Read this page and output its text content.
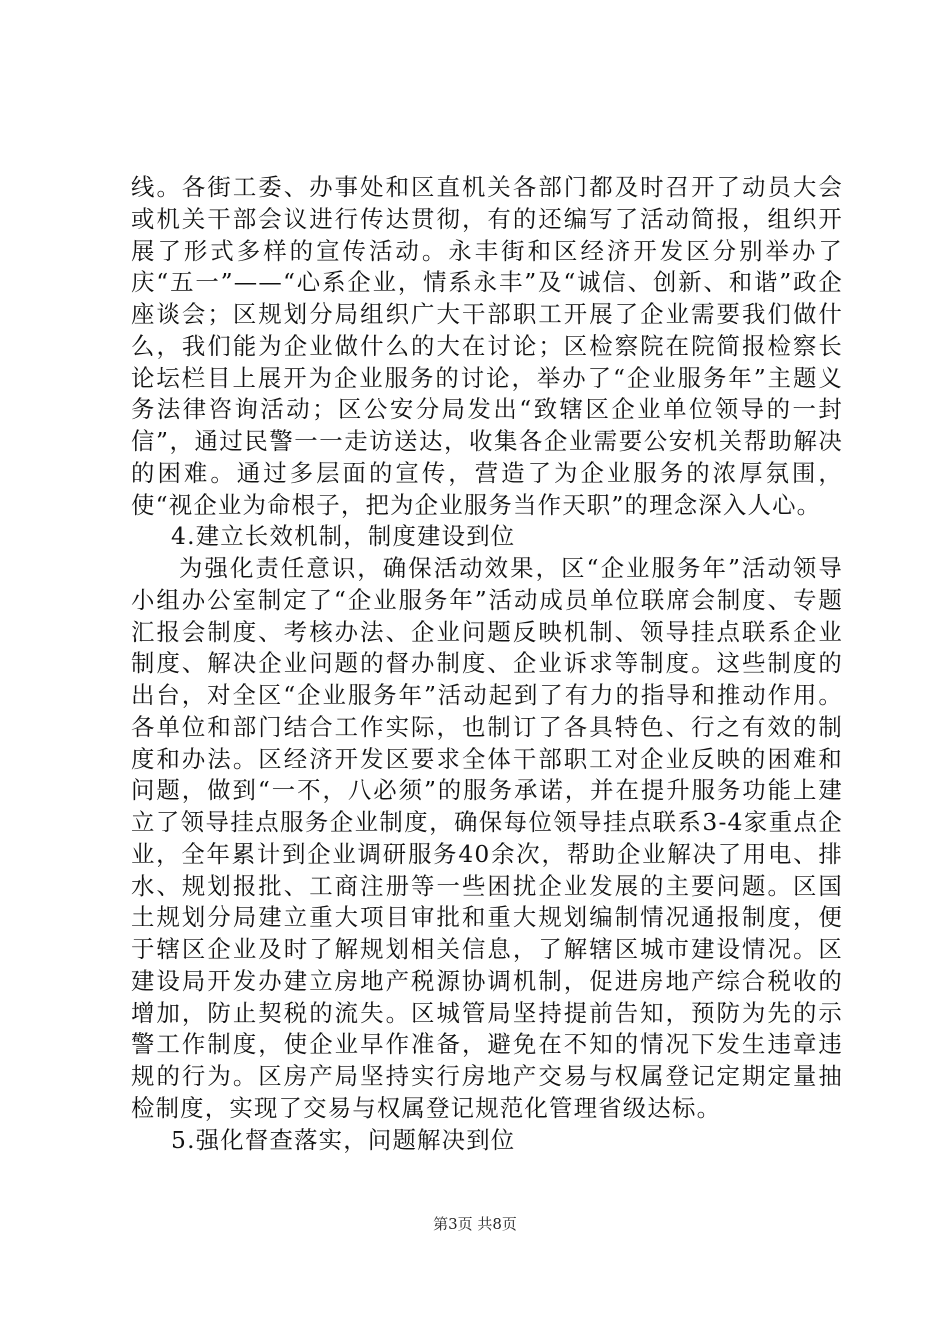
线。各街工委、办事处和区直机关各部门都及时召开了动员大会或机关干部会议进行传达贯彻，有的还编写了活动简报，组织开展了形式多样的宣传活动。永丰街和区经济开发区分别举办了庆“五一”——“心系企业，情系永丰”及“诚信、创新、和谐”政企座谈会；区规划分局组织广大干部职工开展了企业需要我们做什么，我们能为企业做什么的大在讨论；区检察院在院简报检察长论坛栏目上展开为企业服务的讨论，举办了“企业服务年”主题义务法律咨询活动；区公安分局发出“致辖区企业单位领导的一封信”，通过民警一一走访送达，收集各企业需要公安机关帮助解决的困难。通过多层面的宣传，营造了为企业服务的浓厚氛围，使“视企业为命根子，把为企业服务当作天职”的理念深入人心。

4.建立长效机制，制度建设到位

为强化责任意识，确保活动效果，区“企业服务年”活动领导小组办公室制定了“企业服务年”活动成员单位联席会制度、专题汇报会制度、考核办法、企业问题反映机制、领导挂点联系企业制度、解决企业问题的督办制度、企业诉求等制度。这些制度的出台，对全区“企业服务年”活动起到了有力的指导和推动作用。各单位和部门结合工作实际，也制订了各具特色、行之有效的制度和办法。区经济开发区要求全体干部职工对企业反映的困难和问题，做到“一不，八必须”的服务承诺，并在提升服务功能上建立了领导挂点服务企业制度，确保每位领导挂点联系3-4家重点企业，全年累计到企业调研服务40余次，帮助企业解决了用电、排水、规划报批、工商注册等一些困扰企业发展的主要问题。区国土规划分局建立重大项目审批和重大规划编制情况通报制度，便于辖区企业及时了解规划相关信息，了解辖区城市建设情况。区建设局开发办建立房地产税源协调机制，促进房地产综合税收的增加，防止契税的流失。区城管局坚持提前告知，预防为先的示警工作制度，使企业早作准备，避免在不知的情况下发生违章违规的行为。区房产局坚持实行房地产交易与权属登记定期定量抽检制度，实现了交易与权属登记规范化管理省级达标。

5.强化督查落实，问题解决到位

第3页 共8页
